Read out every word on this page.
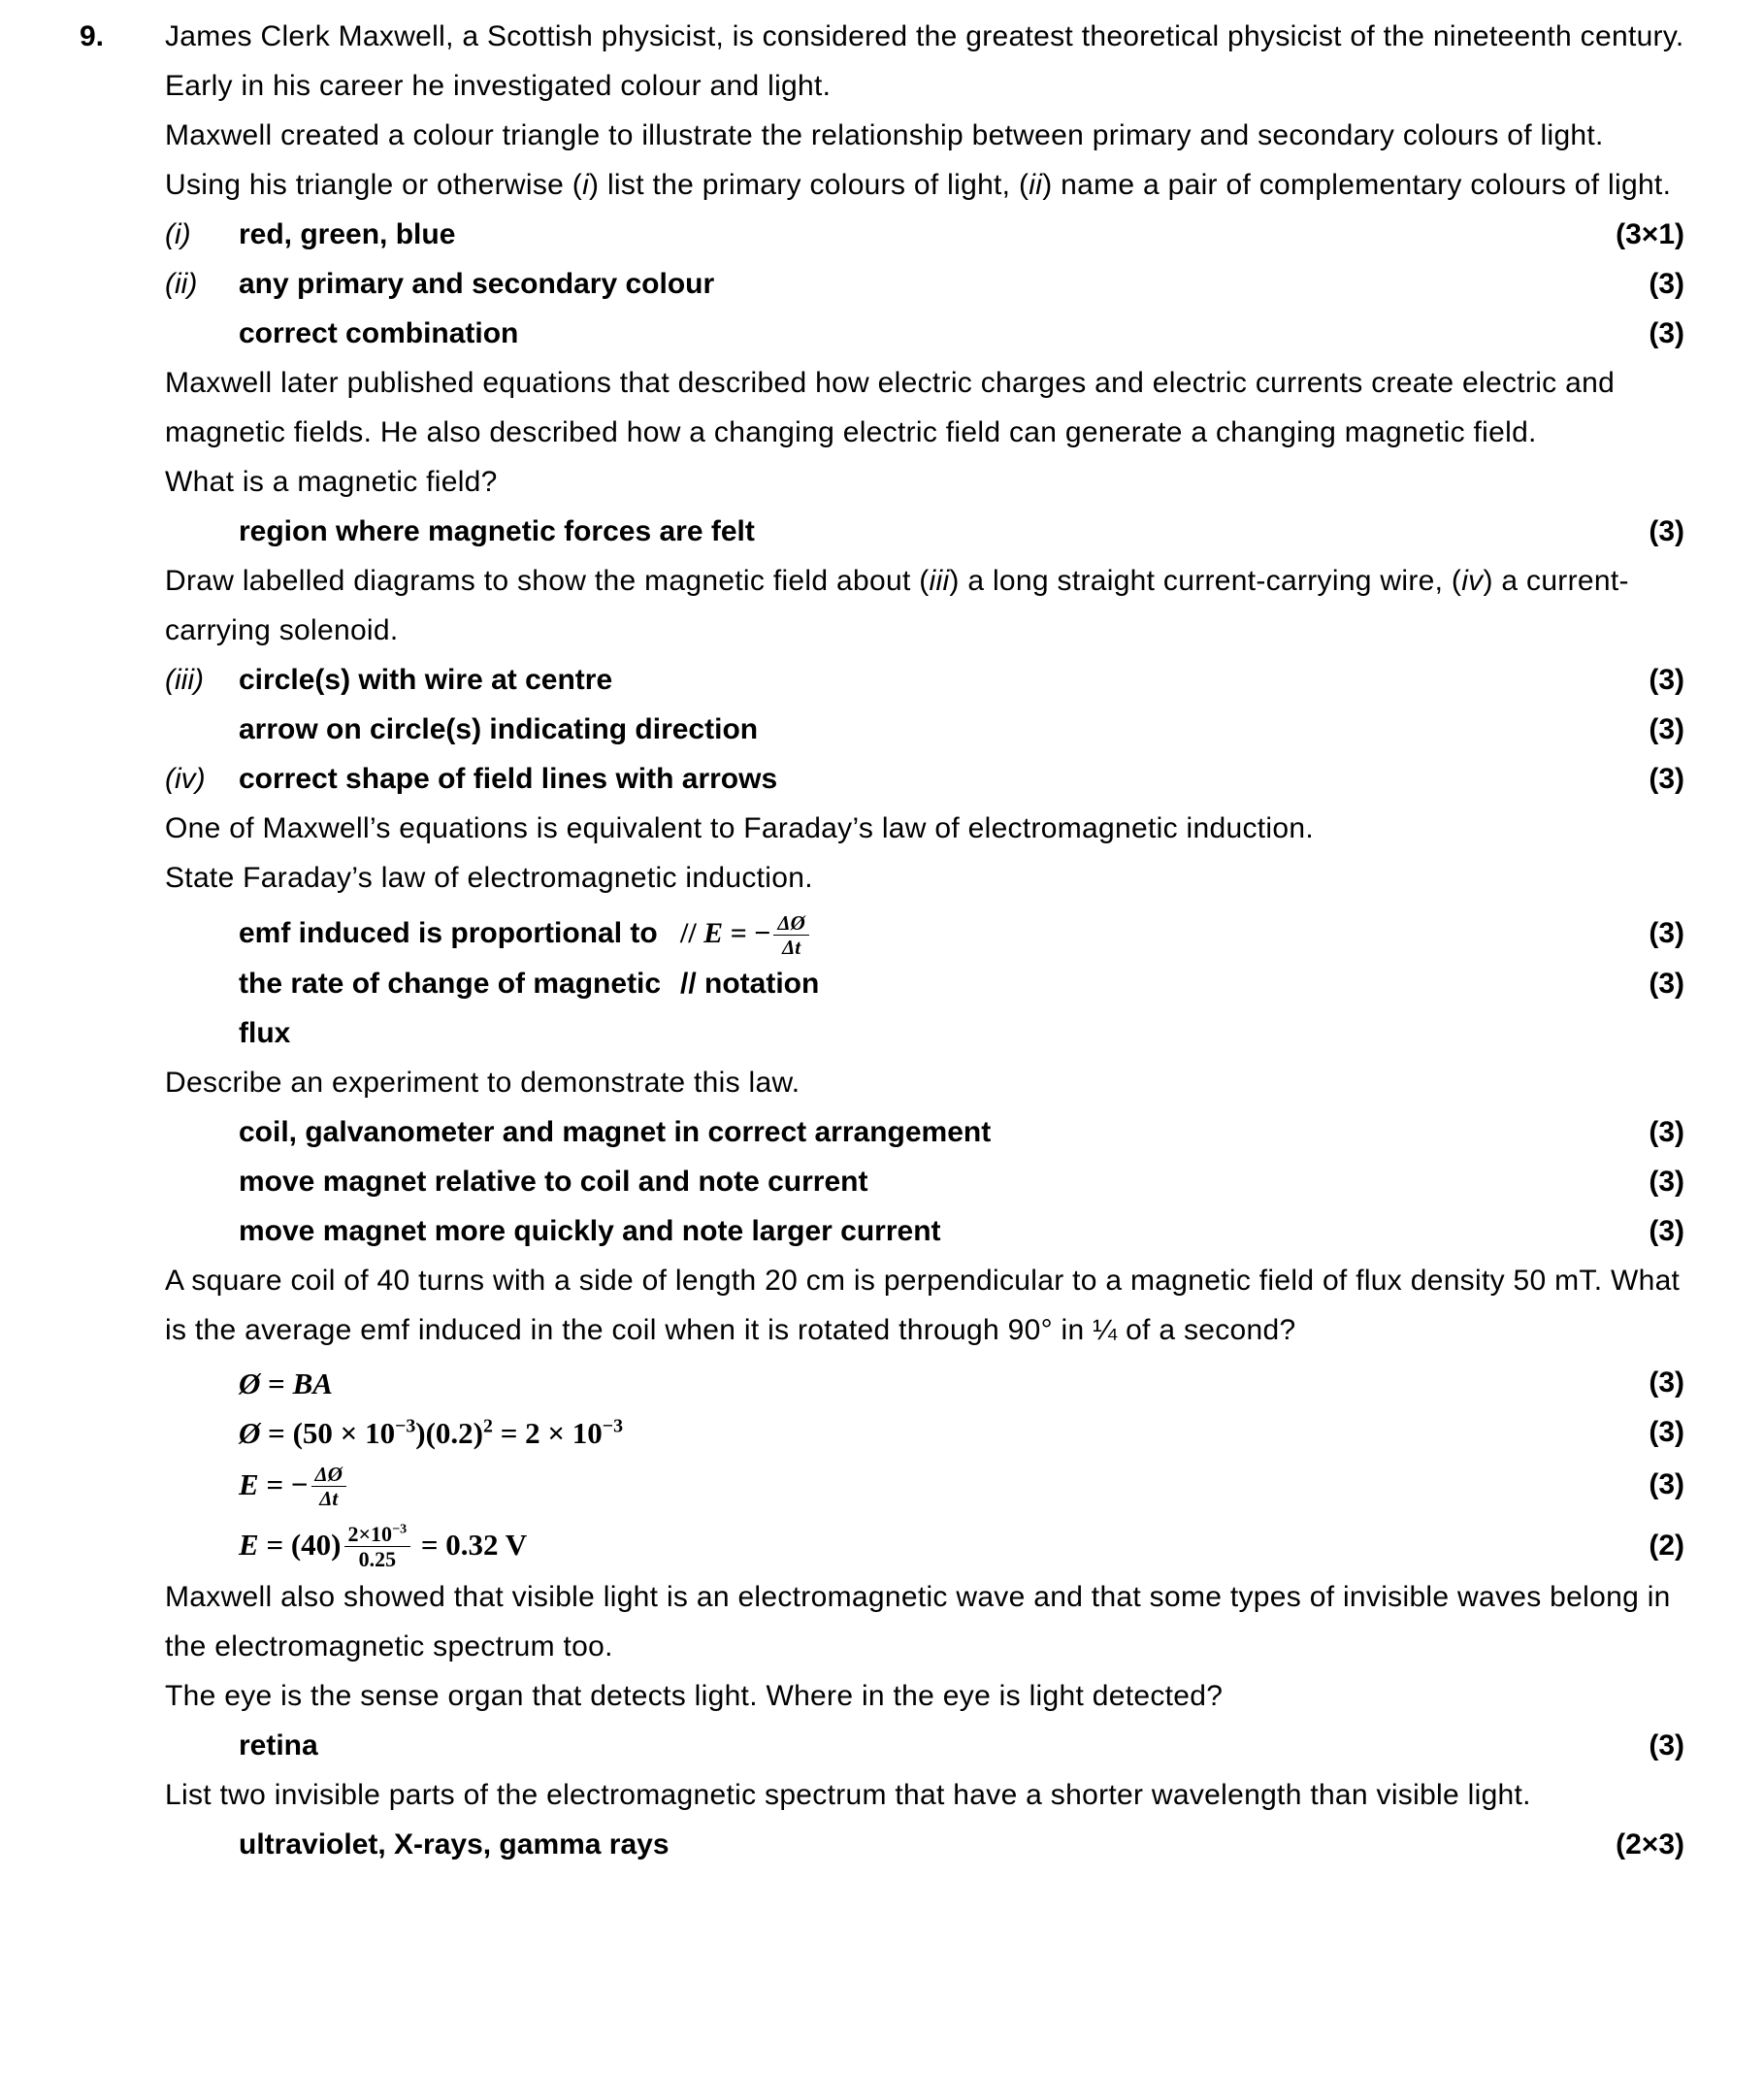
9.	James Clerk Maxwell, a Scottish physicist, is considered the greatest theoretical physicist of the nineteenth century. Early in his career he investigated colour and light.
Maxwell created a colour triangle to illustrate the relationship between primary and secondary colours of light. Using his triangle or otherwise (i) list the primary colours of light, (ii) name a pair of complementary colours of light.
(i)	red, green, blue	(3×1)
(ii)	any primary and secondary colour	(3)
correct combination	(3)
Maxwell later published equations that described how electric charges and electric currents create electric and magnetic fields. He also described how a changing electric field can generate a changing magnetic field.
What is a magnetic field?
region where magnetic forces are felt	(3)
Draw labelled diagrams to show the magnetic field about (iii) a long straight current-carrying wire, (iv) a current-carrying solenoid.
(iii)	circle(s) with wire at centre	(3)
arrow on circle(s) indicating direction	(3)
(iv)	correct shape of field lines with arrows	(3)
One of Maxwell’s equations is equivalent to Faraday’s law of electromagnetic induction.
State Faraday’s law of electromagnetic induction.
emf induced is proportional to // E = − $\frac{\Delta Ø}{\Delta t}$	(3)
the rate of change of magnetic flux
// notation	(3)
Describe an experiment to demonstrate this law.
coil, galvanometer and magnet in correct arrangement	(3)
move magnet relative to coil and note current	(3)
move magnet more quickly and note larger current	(3)
A square coil of 40 turns with a side of length 20 cm is perpendicular to a magnetic field of flux density 50 mT. What is the average emf induced in the coil when it is rotated through 90° in ¼ of a second?
Ø = BA	(3)
Ø = $(50 \times 10^{-3})(0.2)^2 = 2 \times 10^{-3}$	(3)
E = − $\frac{\Delta Ø}{\Delta t}$	(3)
$E = (40) \frac{2\times 10^{-3}}{0.25} = 0.32$ V	(2)
Maxwell also showed that visible light is an electromagnetic wave and that some types of invisible waves belong in the electromagnetic spectrum too.
The eye is the sense organ that detects light. Where in the eye is light detected?
retina	(3)
List two invisible parts of the electromagnetic spectrum that have a shorter wavelength than visible light.
ultraviolet, X-rays, gamma rays	(2×3)
